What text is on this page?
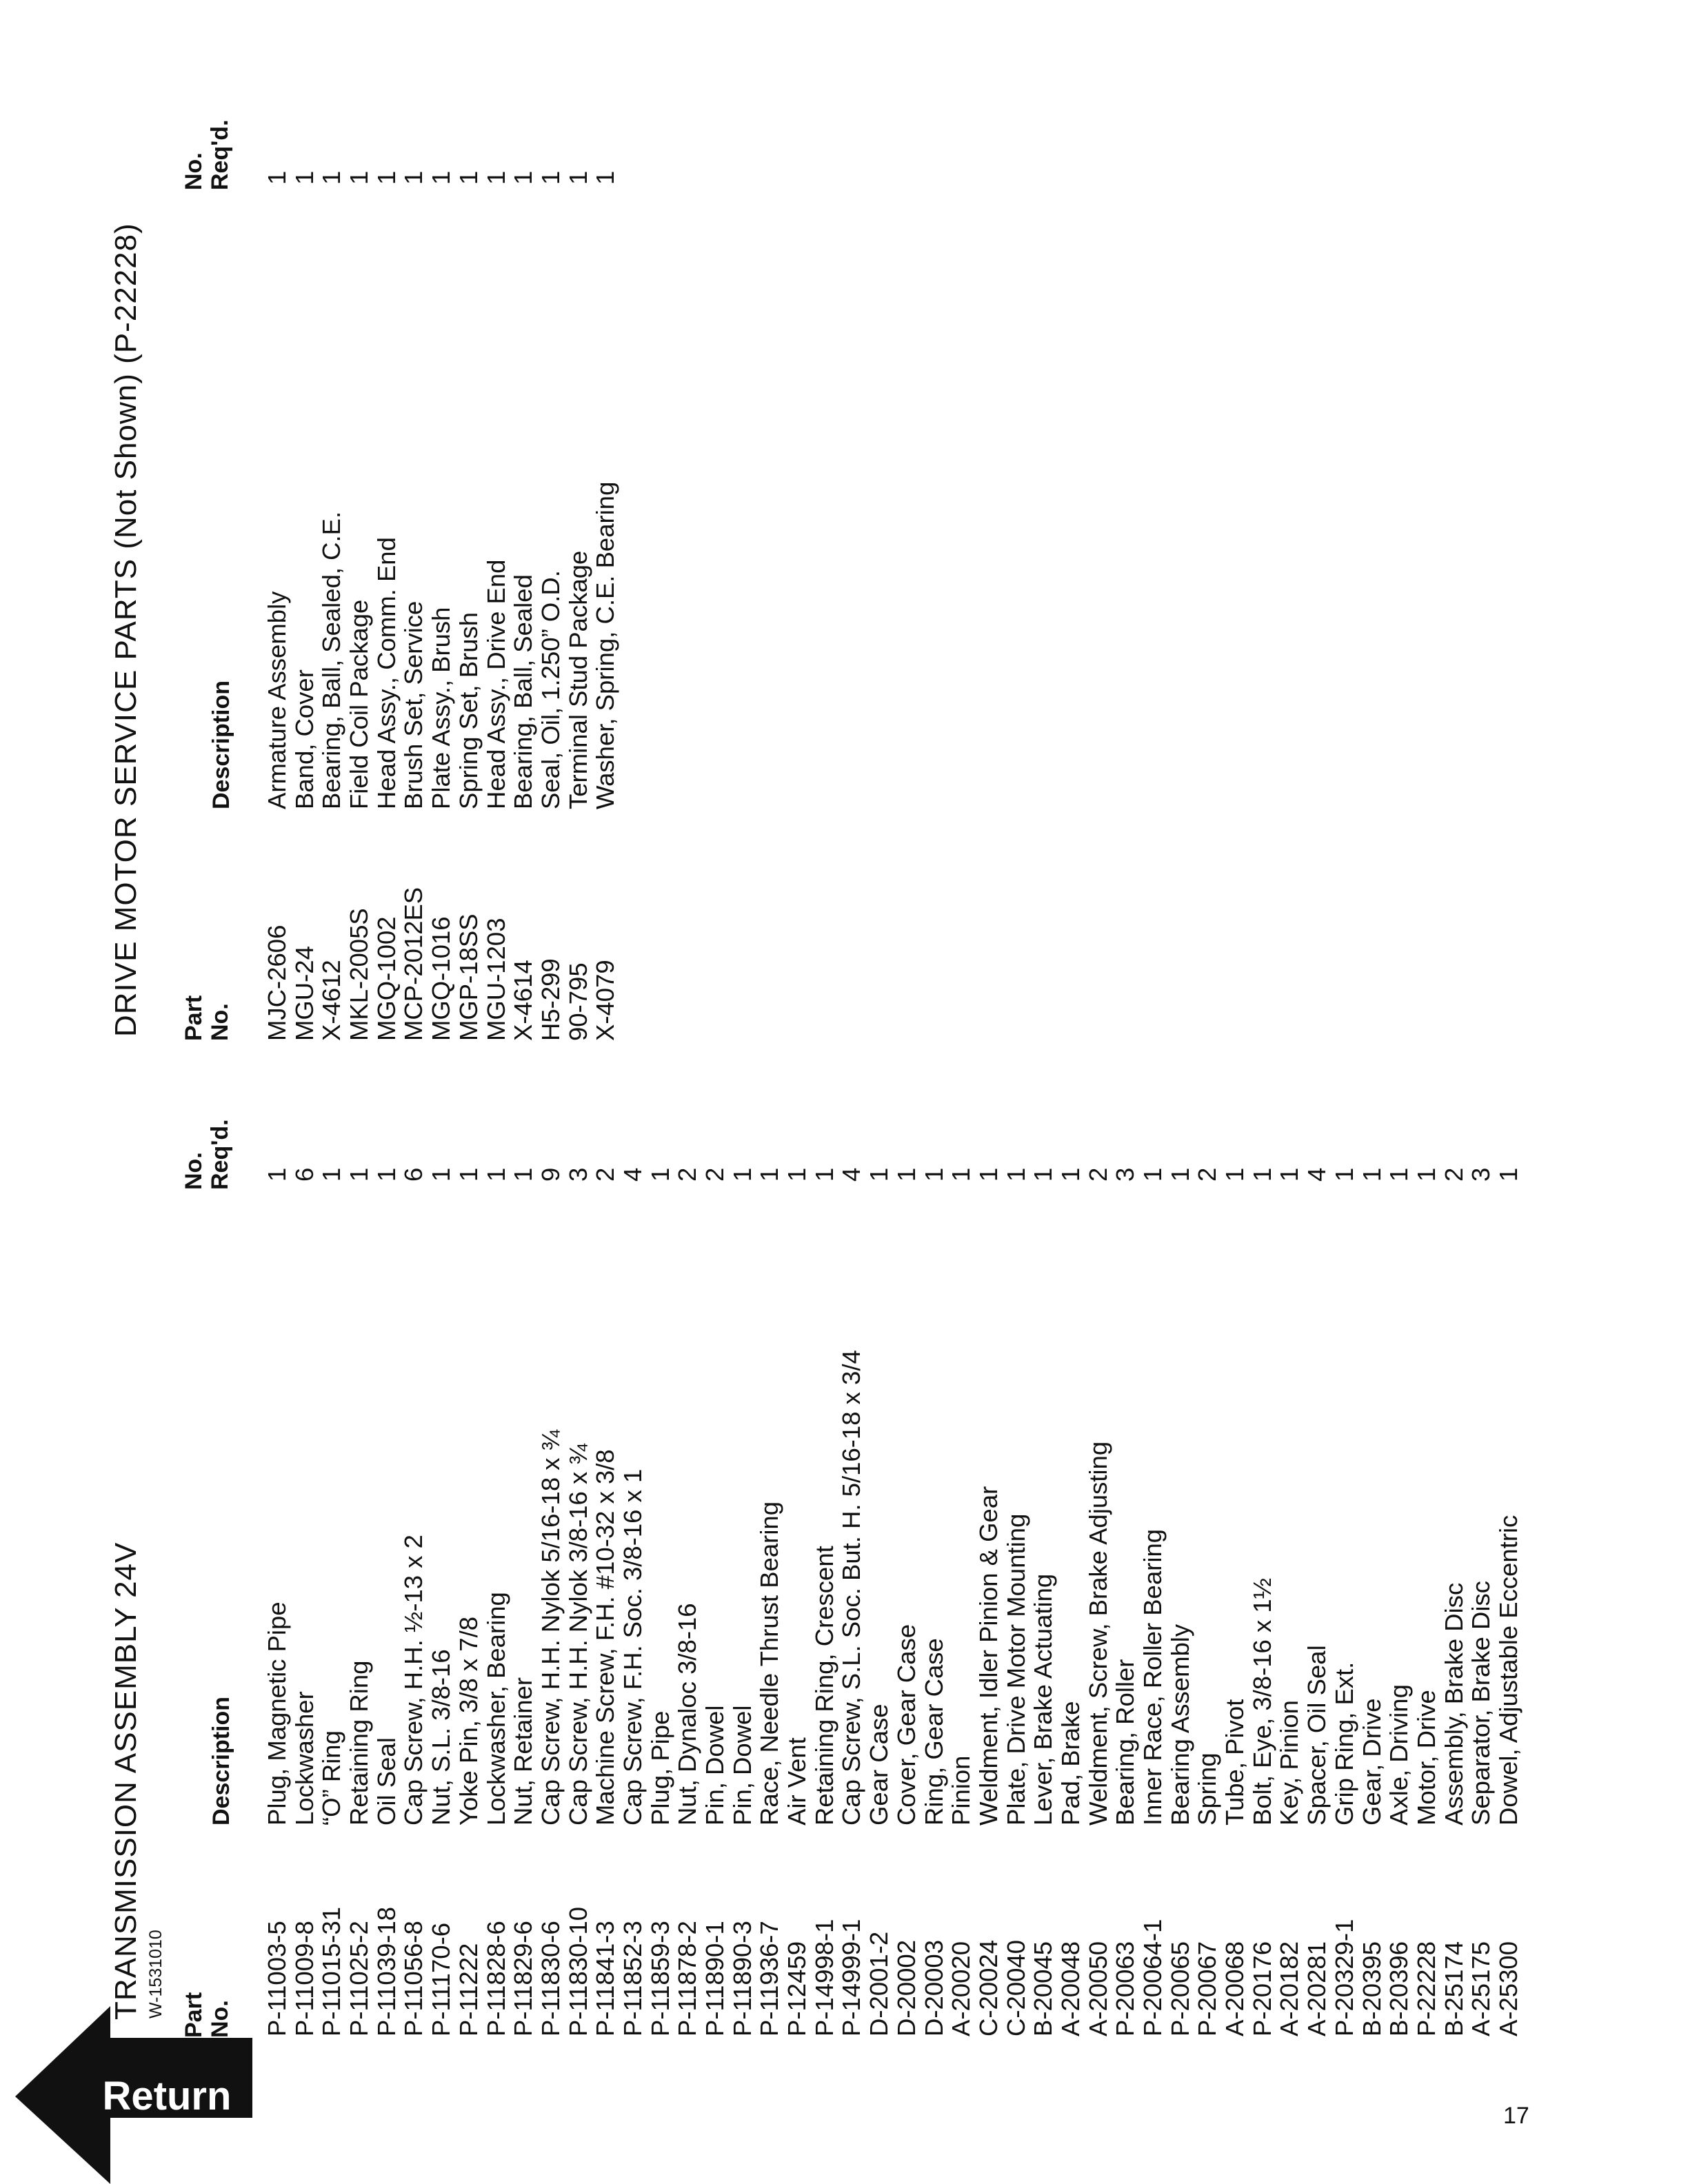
TRANSMISSION ASSEMBLY 24V W-1531010 Part No.
Description
No. Req'd.
P-11003-5
P-11009-8
P-11015-31
P-11025-2
P-11039-18
P-11056-8
P-11170-6
P-11222
P-11828-6
P-11829-6
P-11830-6
P-11830-10
P-11841-3
P-11852-3
P-11859-3
P-11878-2
P-11890-1
P-11890-3
P-11936-7
P-12459
P-14998-1
P-14999-1
D-2001-2
D-20002
D-20003
A-20020
C-20024
C-20040
B-20045
A-20048
A-20050
P-20063
P-20064-1
P-20065
P-20067
A-20068
P-20176
A-20182
A-20281
P-20329-1
B-20395
B-20396
P-22228
B-25174
A-25175
A-25300
Plug, Magnetic Pipe
Lockwasher
“O” Ring
Retaining Ring
Oil Seal
Cap Screw, H.H. ½-13 x 2
Nut, S.L. 3/8-16
Yoke Pin, 3/8 x 7/8
Lockwasher, Bearing
Nut, Retainer
Cap Screw, H.H. Nylok 5/16-18 x ¾
Cap Screw, H.H. Nylok 3/8-16 x ¾
Machine Screw, F.H. #10-32 x 3/8
Cap Screw, F.H. Soc. 3/8-16 x 1
Plug, Pipe
Nut, Dynaloc 3/8-16
Pin, Dowel
Pin, Dowel
Race, Needle Thrust Bearing
Air Vent
Retaining Ring, Crescent
Cap Screw, S.L. Soc. But. H. 5/16-18 x 3/4
Gear Case
Cover, Gear Case
Ring, Gear Case
Pinion
Weldment, Idler Pinion & Gear
Plate, Drive Motor Mounting
Lever, Brake Actuating
Pad, Brake
Weldment, Screw, Brake Adjusting
Bearing, Roller
Inner Race, Roller Bearing
Bearing Assembly
Spring
Tube, Pivot
Bolt, Eye, 3/8-16 x 1½
Key, Pinion
Spacer, Oil Seal
Grip Ring, Ext.
Gear, Drive
Axle, Driving
Motor, Drive
Assembly, Brake Disc
Separator, Brake Disc
Dowel, Adjustable Eccentric
1
6
1
1
1
6
1
1
1
1
9
3
2
4
1
2
2
1
1
1
1
4
1
1
1
1
1
1
1
1
2
3
1
1
2
1
1
1
4
1
1
1
1
2
3
1
DRIVE MOTOR SERVICE PARTS (Not Shown) (P-22228) Part No.
Description
No. Req'd.
MJC-2606
MGU-24
X-4612
MKL-2005S
MGQ-1002
MCP-2012ES
MGQ-1016
MGP-18SS
MGU-1203
X-4614
H5-299
90-795
X-4079
Armature Assembly
Band, Cover
Bearing, Ball, Sealed, C.E.
Field Coil Package
Head Assy., Comm. End
Brush Set, Service
Plate Assy., Brush
Spring Set, Brush
Head Assy., Drive End
Bearing, Ball, Sealed
Seal, Oil, 1.250” O.D.
Terminal Stud Package
Washer, Spring, C.E. Bearing
1
1
1
1
1
1
1
1
1
1
1
1
1
Return	17
